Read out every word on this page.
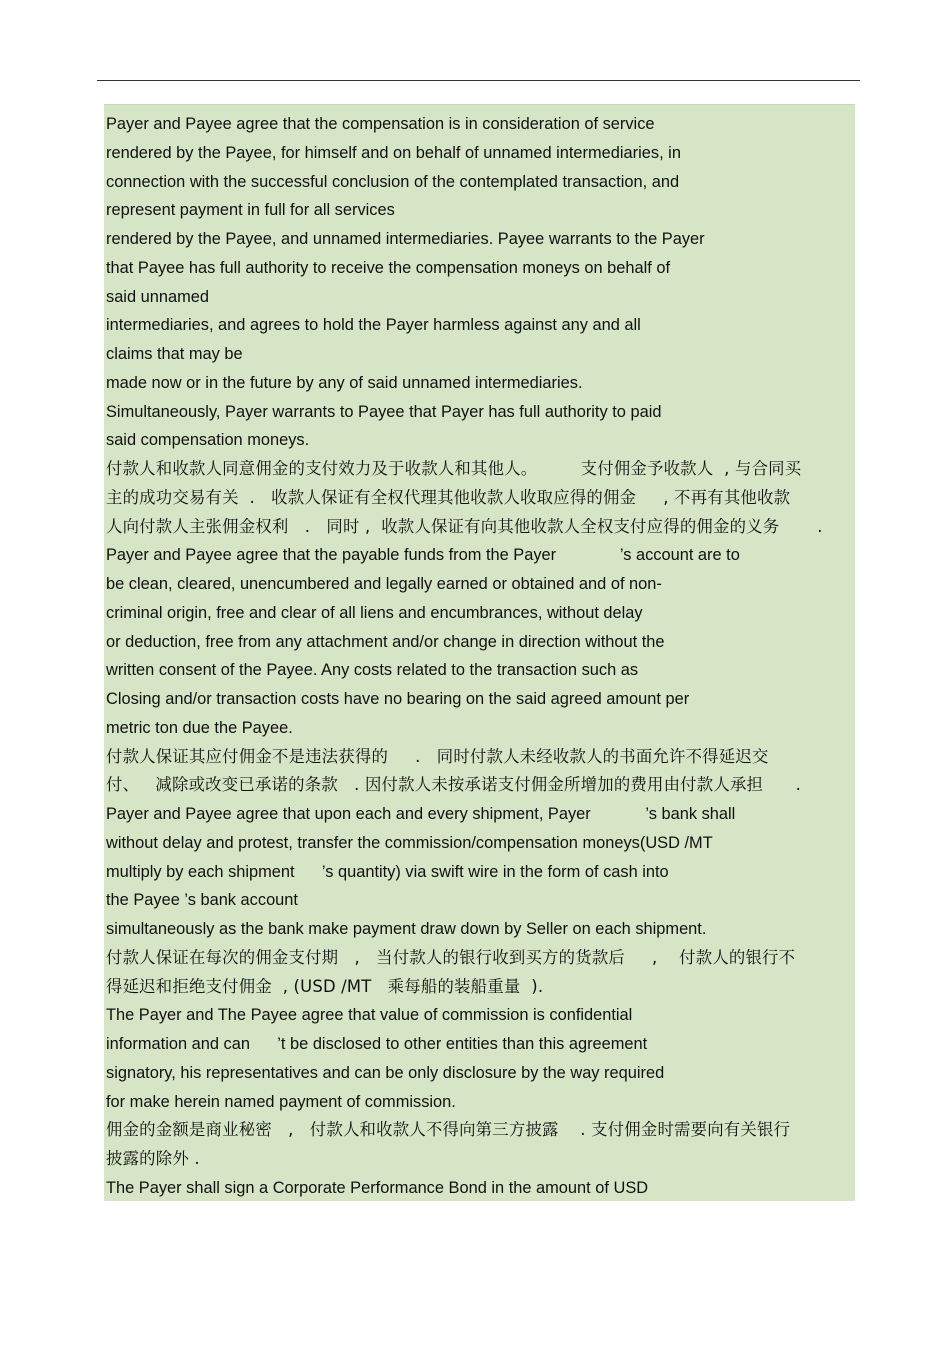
Payer and Payee agree that the compensation is in consideration of service
rendered by the Payee, for himself and on behalf of unnamed intermediaries, in
connection with the successful conclusion of the contemplated transaction, and
represent payment in full for all services
rendered by the Payee, and unnamed intermediaries. Payee warrants to the Payer
that Payee has full authority to receive the compensation moneys on behalf of
said unnamed
intermediaries, and agrees to hold the Payer harmless against any and all
claims that may be
made now or in the future by any of said unnamed intermediaries.
Simultaneously, Payer warrants to Payee that Payer has full authority to paid
said compensation moneys.
付款人和收款人同意佣金的支付效力及于收款人和其他人。        支付佣金予收款人  , 与合同买
主的成功交易有关  .   收款人保证有全权代理其他收款人收取应得的佣金     , 不再有其他收款
人向付款人主张佣金权利   .   同时 ,  收款人保证有向其他收款人全权支付应得的佣金的义务       .
Payer and Payee agree that the payable funds from the Payer              ’s account are to
be clean, cleared, unencumbered and legally earned or obtained and of non-
criminal origin, free and clear of all liens and encumbrances, without delay
or deduction, free from any attachment and/or change in direction without the
written consent of the Payee. Any costs related to the transaction such as
Closing and/or transaction costs have no bearing on the said agreed amount per
metric ton due the Payee.
付款人保证其应付佣金不是违法获得的     .   同时付款人未经收款人的书面允许不得延迟交
付、   减除或改变已承诺的条款   . 因付款人未按承诺支付佣金所增加的费用由付款人承担      .
Payer and Payee agree that upon each and every shipment, Payer            ’s bank shall
without delay and protest, transfer the commission/compensation moneys(USD /MT
multiply by each shipment      ’s quantity) via swift wire in the form of cash into
the Payee ’s bank account
simultaneously as the bank make payment draw down by Seller on each shipment.
付款人保证在每次的佣金支付期   ,   当付款人的银行收到买方的货款后     ,    付款人的银行不
得延迟和拒绝支付佣金  , (USD /MT   乘每船的装船重量  ).
The Payer and The Payee agree that value of commission is confidential
information and can      ’t be disclosed to other entities than this agreement
signatory, his representatives and can be only disclosure by the way required
for make herein named payment of commission.
佣金的金额是商业秘密   ,   付款人和收款人不得向第三方披露    . 支付佣金时需要向有关银行
披露的除外 .
The Payer shall sign a Corporate Performance Bond in the amount of USD
